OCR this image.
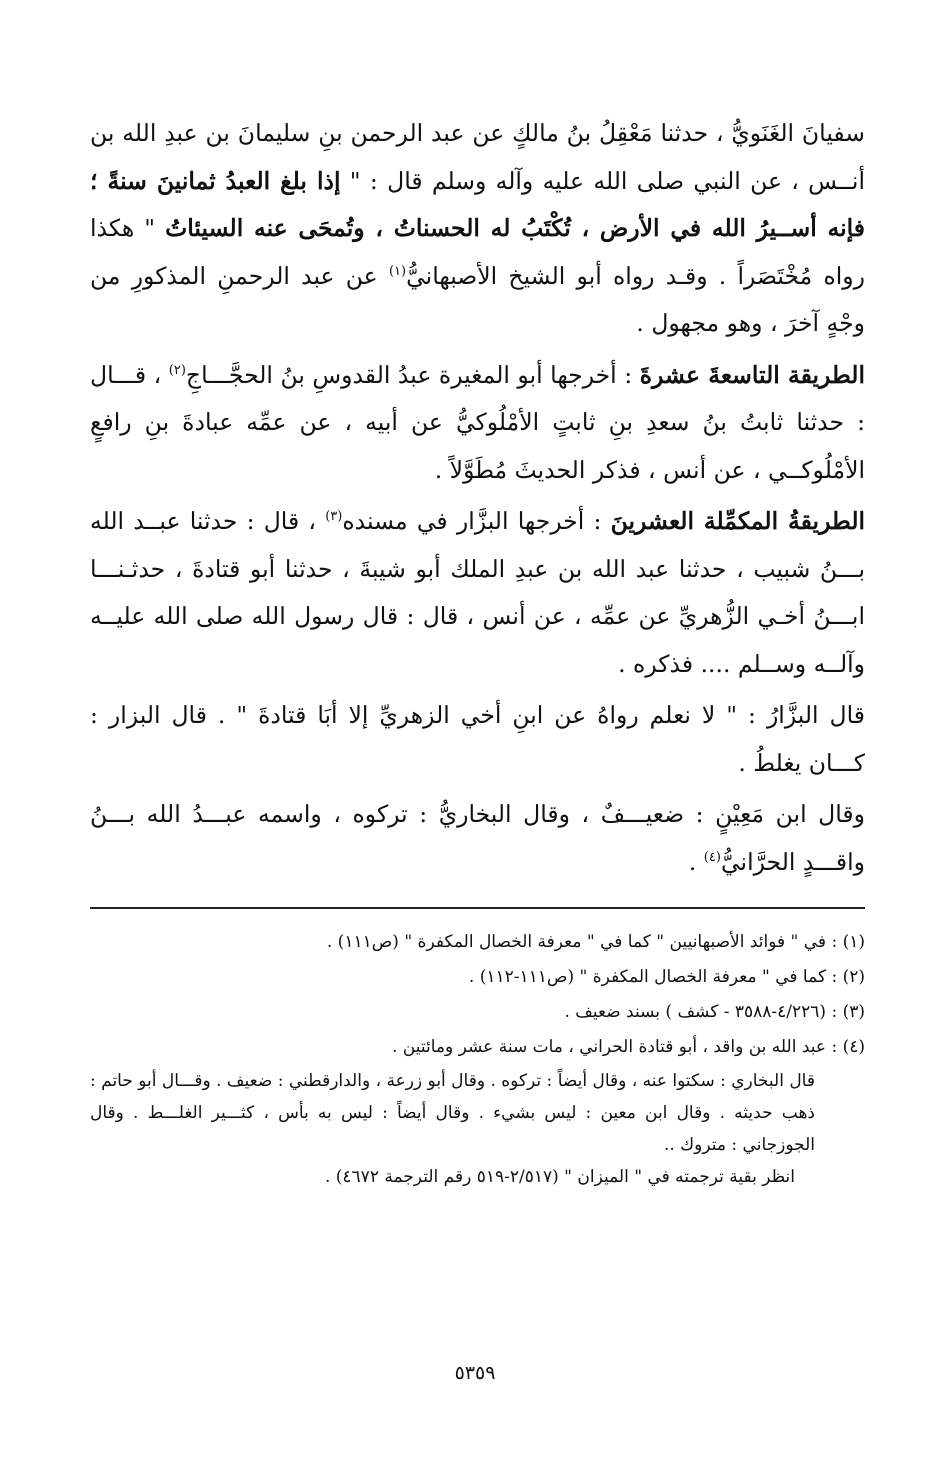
سفيانَ الغَنَويُّ ، حدثنا مَعْقِلُ بنُ مالكٍ عن عبد الرحمن بنِ سليمانَ بن عبدِ الله بن أنــس ، عن النبي صلى الله عليه وآله وسلم قال : " إذا بلغ العبدُ ثمانينَ سنةً ؛ فإنه أســيرُ الله في الأرض ، تُكْتَبُ له الحسناتُ ، وتُمحَى عنه السيئاتُ " هكذا رواه مُخْتَصَراً . وقـد رواه أبو الشيخ الأصبهانيُّ$^{(١)}$ عن عبد الرحمنِ المذكورِ من وجْهٍ آخرَ ، وهو مجهول .

الطريقة التاسعةَ عشرةَ : أخرجها أبو المغيرة عبدُ القدوسِ بنُ الحجَّـــاجِ$^{(٢)}$ ، قـــال : حدثنا ثابتُ بنُ سعدِ بنِ ثابتٍ الأمْلُوكيُّ عن أبيه ، عن عمِّه عبادةَ بنِ رافعٍ الأمْلُوكــي ، عن أنس ، فذكر الحديثَ مُطَوَّلاً .

الطريقةُ المكمِّلة العشرينَ : أخرجها البزَّار في مسنده$^{(٣)}$ ، قال : حدثنا عبــد الله بـــنُ شبيب ، حدثنا عبد الله بن عبدِ الملك أبو شيبةَ ، حدثنا أبو قتادةَ ، حدثـنـــا ابـــنُ أخـي الزُّهريِّ عن عمِّه ، عن أنس ، قال : قال رسول الله صلى الله عليــه وآلــه وســلم .... فذكره .

قال البزَّارُ : " لا نعلم رواهُ عن ابنِ أخي الزهريِّ إلا أبَا قتادةَ " . قال البزار : كـــان يغلطُ .

وقال ابن مَعِيْنٍ : ضعيـــفٌ ، وقال البخاريُّ : تركوه ، واسمه عبـــدُ الله بـــنُ واقـــدٍ الحرَّانيُّ$^{(٤)}$ .

(١) : في " فوائد الأصبهانيين " كما في " معرفة الخصال المكفرة " (ص١١١) .

(٢) : كما في " معرفة الخصال المكفرة " (ص١١١-١١٢) .

(٣) : (٤/٢٢٦-٣٥٨٨ - كشف ) بسند ضعيف .

(٤) : عبد الله بن واقد ، أبو قتادة الحراني ، مات سنة عشر ومائتين .

قال البخاري : سكتوا عنه ، وقال أيضاً : تركوه . وقال أبو زرعة ، والدارقطني : ضعيف . وقـــال أبو حاتم : ذهب حديثه . وقال ابن معين : ليس بشيء . وقال أيضاً : ليس به بأس ، كثـــير الغلـــط . وقال الجوزجاني : متروك ..

انظر بقية ترجمته في " الميزان " (٢/٥١٧-٥١٩ رقم الترجمة ٤٦٧٢) .

٥٣٥٩
